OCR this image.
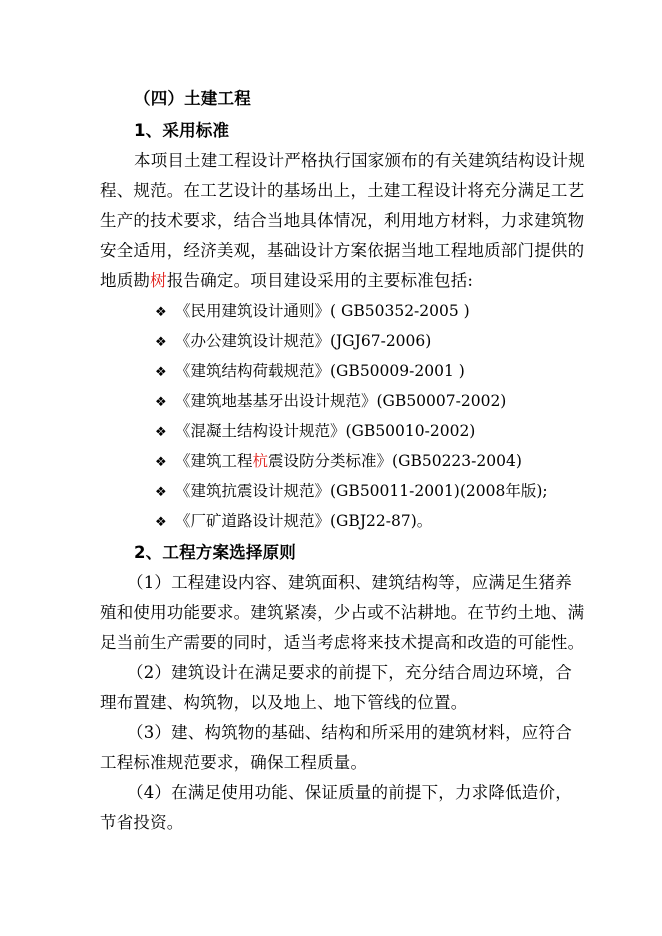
（四）土建工程
1、采用标准
本项目土建工程设计严格执行国家颁布的有关建筑结构设计规
程、规范。在工艺设计的基场出上，土建工程设计将充分满足工艺
生产的技术要求，结合当地具体情况，利用地方材料，力求建筑物
安全适用，经济美观，基础设计方案依据当地工程地质部门提供的
地质勘树报告确定。项目建设采用的主要标准包括:
❖ 《民用建筑设计通则》( GB50352-2005 )
❖ 《办公建筑设计规范》(JGJ67-2006)
❖ 《建筑结构荷载规范》(GB50009-2001 )
❖ 《建筑地基基牙出设计规范》(GB50007-2002)
❖ 《混凝土结构设计规范》(GB50010-2002)
❖ 《建筑工程杭震设防分类标准》(GB50223-2004)
❖ 《建筑抗震设计规范》(GB50011-2001)(2008年版);
❖ 《厂矿道路设计规范》(GBJ22-87)。
2、工程方案选择原则
（1）工程建设内容、建筑面积、建筑结构等，应满足生猪养
殖和使用功能要求。建筑紧凑，少占或不沾耕地。在节约土地、满
足当前生产需要的同时，适当考虑将来技术提高和改造的可能性。
（2）建筑设计在满足要求的前提下，充分结合周边环境，合
理布置建、构筑物，以及地上、地下管线的位置。
（3）建、构筑物的基础、结构和所采用的建筑材料，应符合
工程标准规范要求，确保工程质量。
（4）在满足使用功能、保证质量的前提下，力求降低造价，
节省投资。
